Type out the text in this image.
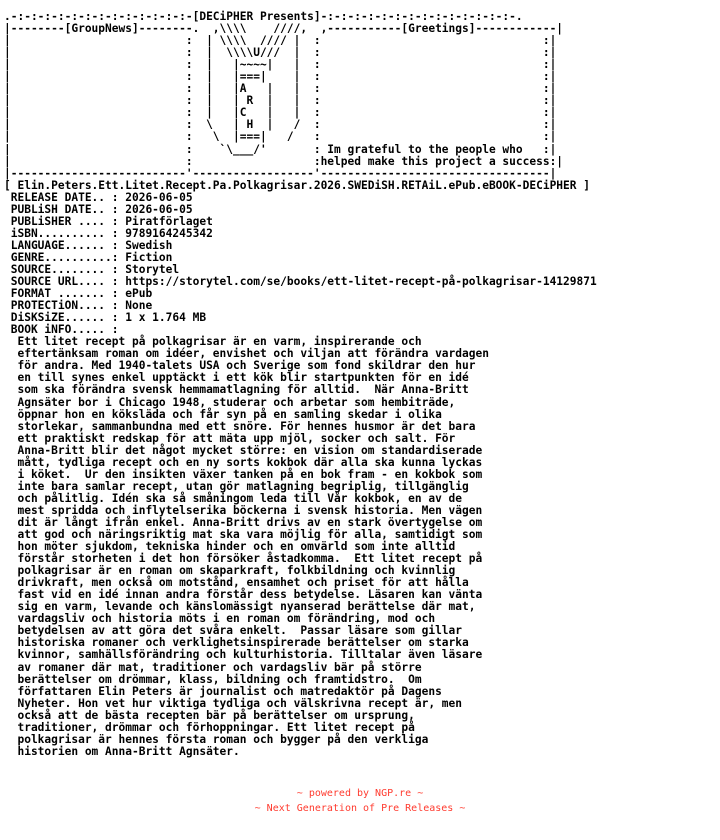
.-:-:-:-:-:-:-:-:-:-:-:-:-:-[DECiPHER Presents]-:-:-:-:-:-:-:-:-:-:-:-:-:-:-.
|--------[GroupNews]--------.  ,\\\\    ////,  ,-----------[Greetings]------------|
|                          :  | \\\\  //// |  :                                 :|
|                          :  |  \\\\U///  |  :                                 :|
|                          :  |   |~~~~|   |  :                                 :|
|                          :  |   |===|    |  :                                 :|
|                          :  |   |A   |   |  :                                 :|
|                          :  |   | R  |   |  :                                 :|
|                          :  |   |C   |   |  :                                 :|
|                          :  \   | H  |   /  :                                 :|
|                          :   \  |===|   /   :                                 :|
|                          :    `\___/'       : Im grateful to the people who   :|
|                          :                  :helped make this project a success:|
|--------------------------'------------------'----------------------------------|
[ Elin.Peters.Ett.Litet.Recept.Pa.Polkagrisar.2026.SWEDiSH.RETAiL.ePub.eBOOK-DECiPHER ]
RELEASE DATE.. : 2026-06-05
PUBLiSH DATE.. : 2026-06-05
PUBLiSHER .... : Piratförlaget
iSBN.......... : 9789164245342
LANGUAGE...... : Swedish
GENRE..........: Fiction
SOURCE........ : Storytel
SOURCE URL.... : https://storytel.com/se/books/ett-litet-recept-på-polkagrisar-14129871
FORMAT ....... : ePub
PROTECTiON.... : None
DiSKSiZE...... : 1 x 1.764 MB
BOOK iNFO..... :
Ett litet recept på polkagrisar är en varm, inspirerande och
eftertänksam roman om idéer, envishet och viljan att förändra vardagen
för andra. Med 1940-talets USA och Sverige som fond skildrar den hur
en till synes enkel upptäckt i ett kök blir startpunkten för en idé
som ska förändra svensk hemmamatlagning för alltid.  När Anna-Britt
Agnsäter bor i Chicago 1948, studerar och arbetar som hembiträde,
öppnar hon en köksläda och får syn på en samling skedar i olika
storlekar, sammanbundna med ett snöre. För hennes husmor är det bara
ett praktiskt redskap för att mäta upp mjöl, socker och salt. För
Anna-Britt blir det något mycket större: en vision om standardiserade
mått, tydliga recept och en ny sorts kokbok där alla ska kunna lyckas
i köket.  Ur den insikten växer tanken på en bok fram - en kokbok som
inte bara samlar recept, utan gör matlagning begriplig, tillgänglig
och pålitlig. Idén ska så småningom leda till Vår kokbok, en av de
mest spridda och inflytelserika böckerna i svensk historia. Men vägen
dit är långt ifrån enkel. Anna-Britt drivs av en stark övertygelse om
att god och näringsriktig mat ska vara möjlig för alla, samtidigt som
hon möter sjukdom, tekniska hinder och en omvärld som inte alltid
förstår storheten i det hon försöker åstadkomma.  Ett litet recept på
polkagrisar är en roman om skaparkraft, folkbildning och kvinnlig
drivkraft, men också om motstånd, ensamhet och priset för att hålla
fast vid en idé innan andra förstår dess betydelse. Läsaren kan vänta
sig en varm, levande och känslomässigt nyanserad berättelse där mat,
vardagsliv och historia möts i en roman om förändring, mod och
betydelsen av att göra det svåra enkelt.  Passar läsare som gillar
historiska romaner och verklighetsinspirerade berättelser om starka
kvinnor, samhällsförändring och kulturhistoria. Tilltalar även läsare
av romaner där mat, traditioner och vardagsliv bär på större
berättelser om drömmar, klass, bildning och framtidstro.  Om
författaren Elin Peters är journalist och matredaktör på Dagens
Nyheter. Hon vet hur viktiga tydliga och välskrivna recept är, men
också att de bästa recepten bär på berättelser om ursprung,
traditioner, drömmar och förhoppningar. Ett litet recept på
polkagrisar är hennes första roman och bygger på den verkliga
historien om Anna-Britt Agnsäter.

~ powered by NGP.re ~
~ Next Generation of Pre Releases ~
